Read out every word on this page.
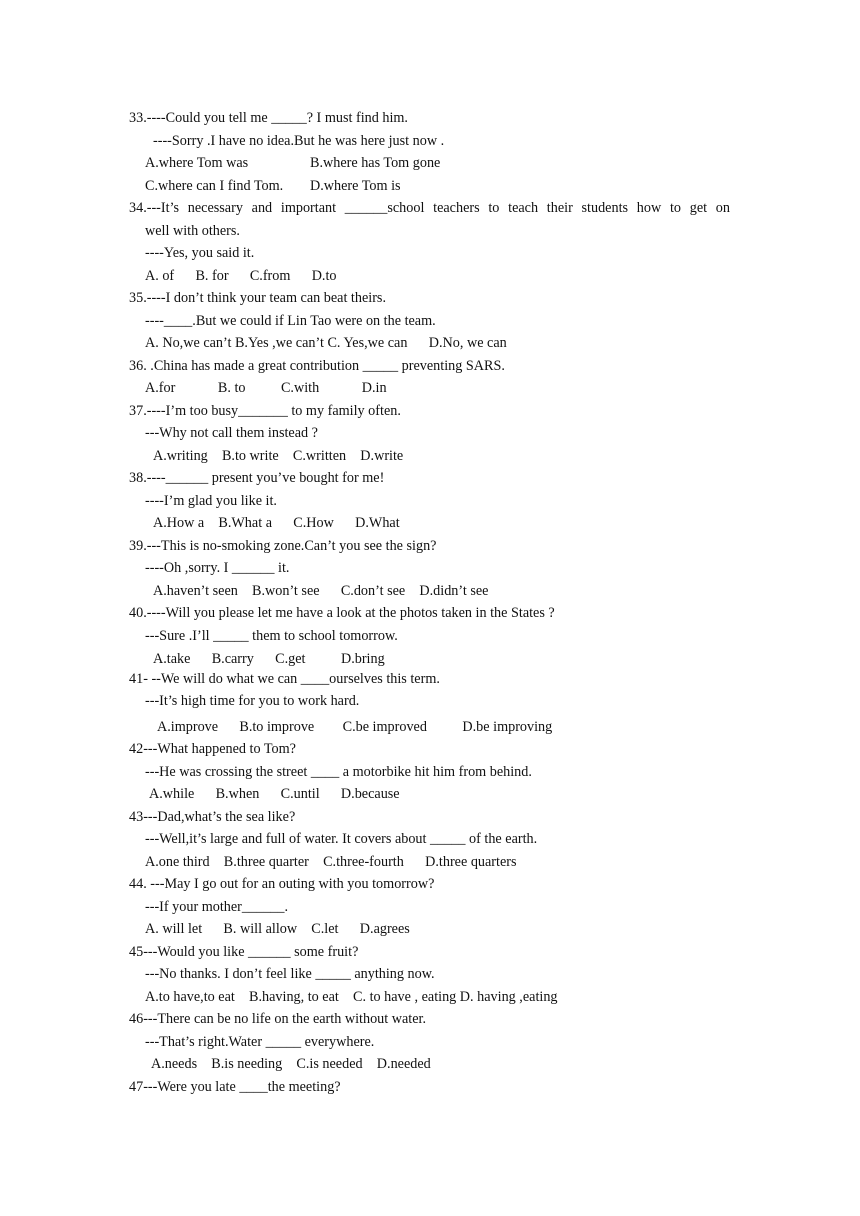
33.----Could you tell me _____? I must find him.
----Sorry .I have no idea.But he was here just now .
A.where Tom was	B.where has Tom gone
C.where can I find Tom. D.where Tom is
34.---It’s necessary and important ______school teachers to teach their students how to get on
well with others.
----Yes, you said it.
A. of      B. for      C.from      D.to
35.----I don’t think your team can beat theirs.
----____.But we could if Lin Tao were on the team.
A. No,we can’t B.Yes ,we can’t C. Yes,we can      D.No, we can
36. .China has made a great contribution _____ preventing SARS.
A.for            B. to          C.with            D.in
37.----I’m too busy_______ to my family often.
---Why not call them instead ?
A.writing    B.to write    C.written    D.write
38.----______ present you’ve bought for me!
----I’m glad you like it.
A.How a    B.What a      C.How      D.What
39.---This is no-smoking zone.Can’t you see the sign?
----Oh ,sorry. I ______ it.
A.haven’t seen    B.won’t see      C.don’t see    D.didn’t see
40.----Will you please let me have a look at the photos taken in the States ?
---Sure .I’ll _____ them to school tomorrow.
A.take      B.carry      C.get          D.bring
41- --We will do what we can ____ourselves this term.
---It’s high time for you to work hard.
A.improve      B.to improve        C.be improved          D.be improving
42---What happened to Tom?
---He was crossing the street ____ a motorbike hit him from behind.
A.while      B.when      C.until      D.because
43---Dad,what’s the sea like?
---Well,it’s large and full of water. It covers about _____ of the earth.
A.one third    B.three quarter    C.three-fourth      D.three quarters
44. ---May I go out for an outing with you tomorrow?
---If your mother______.
A. will let      B. will allow    C.let      D.agrees
45---Would you like ______ some fruit?
---No thanks. I don’t feel like _____ anything now.
A.to have,to eat    B.having, to eat    C. to have , eating D. having ,eating
46---There can be no life on the earth without water.
---That’s right.Water _____ everywhere.
A.needs    B.is needing    C.is needed    D.needed
47---Were you late ____the meeting?
